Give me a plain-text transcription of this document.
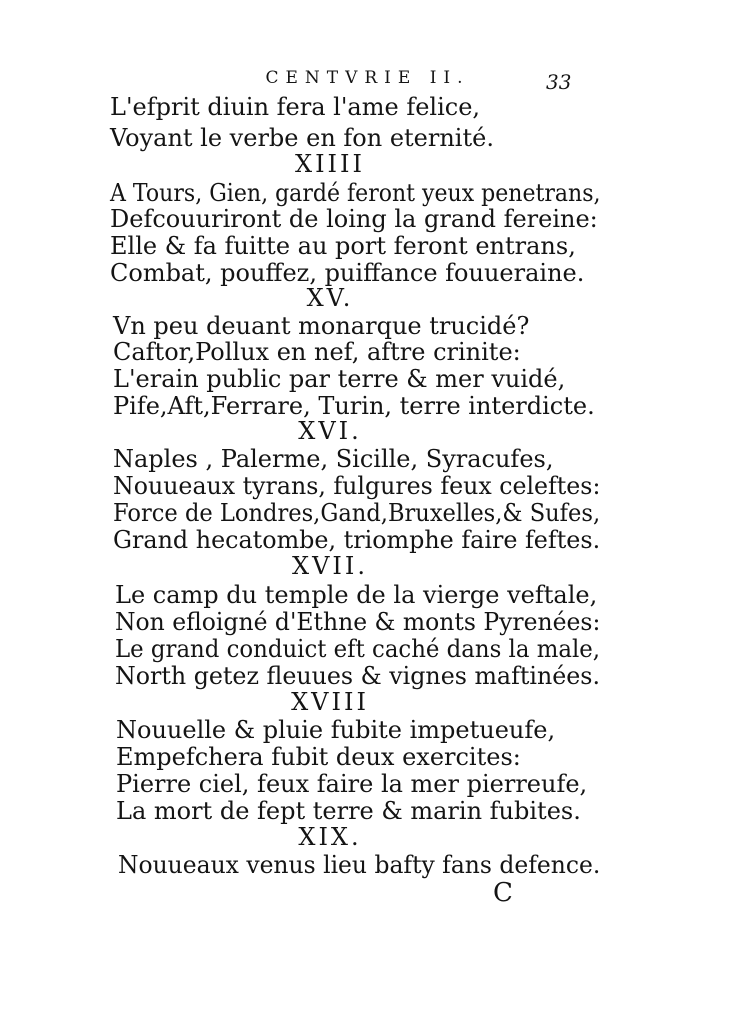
CENTVRIE II.	33
L'efprit diuin fera l'ame felice,
Voyant le verbe en fon eternité.
XIIII
A Tours, Gien, gardé feront yeux penetrans,
Defcouuriront de loing la grand fereine:
Elle & fa fuitte au port feront entrans,
Combat, pouffez, puiffance fouueraine.
XV.
Vn peu deuant monarque trucidé?
Caftor,Pollux en nef, aftre crinite:
L'erain public par terre & mer vuidé,
Pife,Aft,Ferrare, Turin, terre interdicte.
XVI.
Naples , Palerme, Sicille, Syracufes,
Nouueaux tyrans, fulgures feux celeftes:
Force de Londres,Gand,Bruxelles,& Sufes,
Grand hecatombe, triomphe faire feftes.
XVII.
Le camp du temple de la vierge veftale,
Non efloigné d'Ethne & monts Pyrenées:
Le grand conduict eft caché dans la male,
North getez fleuues & vignes maftinées.
XVIII
Nouuelle & pluie fubite impetueufe,
Empefchera fubit deux exercites:
Pierre ciel, feux faire la mer pierreufe,
La mort de fept terre & marin fubites.
XIX.
Nouueaux venus lieu bafty fans defence.
C
